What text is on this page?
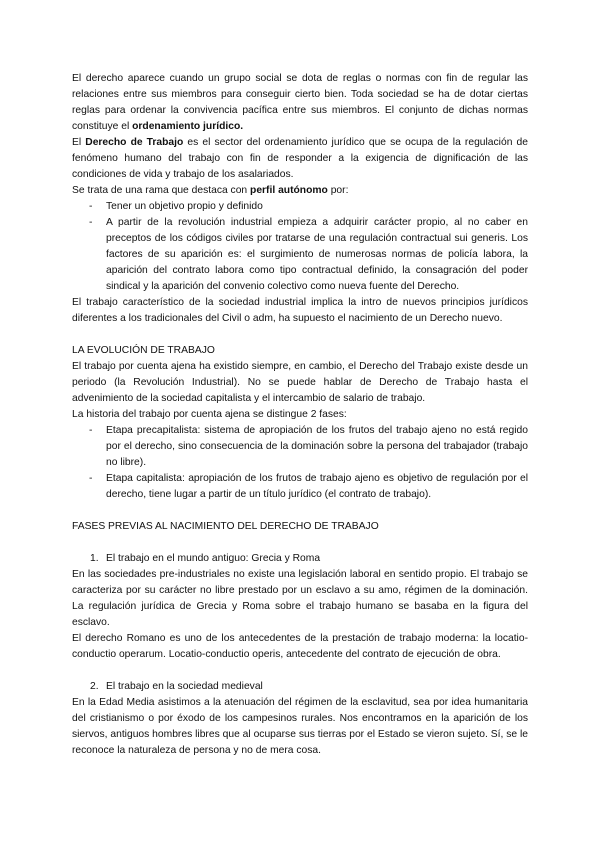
El derecho aparece cuando un grupo social se dota de reglas o normas con fin de regular las relaciones entre sus miembros para conseguir cierto bien. Toda sociedad se ha de dotar ciertas reglas para ordenar la convivencia pacífica entre sus miembros. El conjunto de dichas normas constituye el ordenamiento jurídico.

El Derecho de Trabajo es el sector del ordenamiento jurídico que se ocupa de la regulación de fenómeno humano del trabajo con fin de responder a la exigencia de dignificación de las condiciones de vida y trabajo de los asalariados.

Se trata de una rama que destaca con perfil autónomo por:

- Tener un objetivo propio y definido
- A partir de la revolución industrial empieza a adquirir carácter propio, al no caber en preceptos de los códigos civiles por tratarse de una regulación contractual sui generis. Los factores de su aparición es: el surgimiento de numerosas normas de policía labora, la aparición del contrato labora como tipo contractual definido, la consagración del poder sindical y la aparición del convenio colectivo como nueva fuente del Derecho.

El trabajo característico de la sociedad industrial implica la intro de nuevos principios jurídicos diferentes a los tradicionales del Civil o adm, ha supuesto el nacimiento de un Derecho nuevo.

LA EVOLUCIÓN DE TRABAJO

El trabajo por cuenta ajena ha existido siempre, en cambio, el Derecho del Trabajo existe desde un periodo (la Revolución Industrial). No se puede hablar de Derecho de Trabajo hasta el advenimiento de la sociedad capitalista y el intercambio de salario de trabajo.

La historia del trabajo por cuenta ajena se distingue 2 fases:

- Etapa precapitalista: sistema de apropiación de los frutos del trabajo ajeno no está regido por el derecho, sino consecuencia de la dominación sobre la persona del trabajador (trabajo no libre).
- Etapa capitalista: apropiación de los frutos de trabajo ajeno es objetivo de regulación por el derecho, tiene lugar a partir de un título jurídico (el contrato de trabajo).

FASES PREVIAS AL NACIMIENTO DEL DERECHO DE TRABAJO

1. El trabajo en el mundo antiguo: Grecia y Roma

En las sociedades pre-industriales no existe una legislación laboral en sentido propio. El trabajo se caracteriza por su carácter no libre prestado por un esclavo a su amo, régimen de la dominación. La regulación jurídica de Grecia y Roma sobre el trabajo humano se basaba en la figura del esclavo.

El derecho Romano es uno de los antecedentes de la prestación de trabajo moderna: la locatio-conductio operarum. Locatio-conductio operis, antecedente del contrato de ejecución de obra.

2. El trabajo en la sociedad medieval

En la Edad Media asistimos a la atenuación del régimen de la esclavitud, sea por idea humanitaria del cristianismo o por éxodo de los campesinos rurales. Nos encontramos en la aparición de los siervos, antiguos hombres libres que al ocuparse sus tierras por el Estado se vieron sujeto. Sí, se le reconoce la naturaleza de persona y no de mera cosa.
